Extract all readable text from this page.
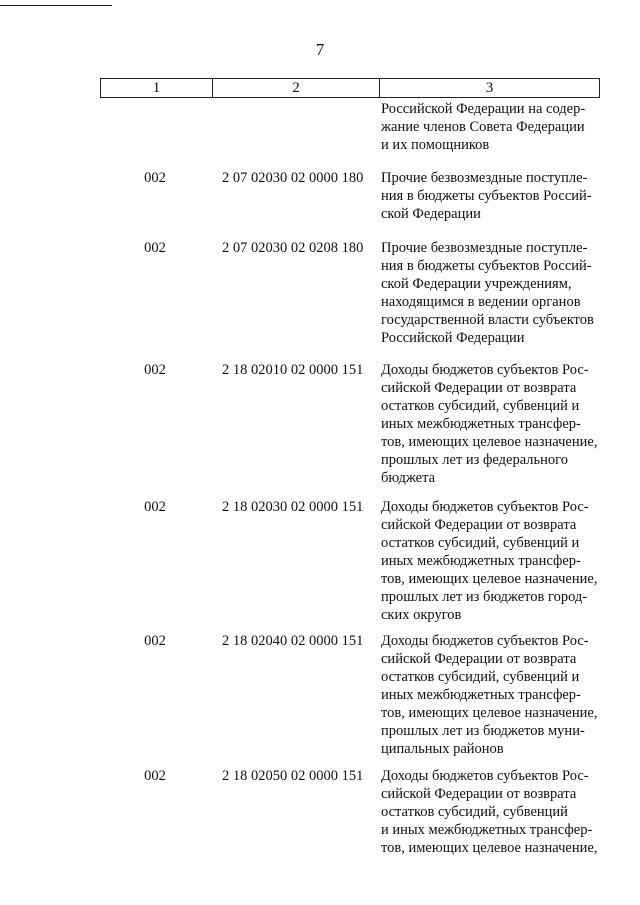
7
1	2	3
Российской Федерации на содер-
жание членов Совета Федерации
и их помощников
002	2 07 02030 02 0000 180	Прочие безвозмездные поступле-
ния в бюджеты субъектов Россий-
ской Федерации
002	2 07 02030 02 0208 180	Прочие безвозмездные поступле-
ния в бюджеты субъектов Россий-
ской Федерации учреждениям,
находящимся в ведении органов
государственной власти субъектов
Российской Федерации
002	2 18 02010 02 0000 151	Доходы бюджетов субъектов Рос-
сийской Федерации от возврата
остатков субсидий, субвенций и
иных межбюджетных трансфер-
тов, имеющих целевое назначение,
прошлых лет из федерального
бюджета
002	2 18 02030 02 0000 151	Доходы бюджетов субъектов Рос-
сийской Федерации от возврата
остатков субсидий, субвенций и
иных межбюджетных трансфер-
тов, имеющих целевое назначение,
прошлых лет из бюджетов город-
ских округов
002	2 18 02040 02 0000 151	Доходы бюджетов субъектов Рос-
сийской Федерации от возврата
остатков субсидий, субвенций и
иных межбюджетных трансфер-
тов, имеющих целевое назначение,
прошлых лет из бюджетов муни-
ципальных районов
002	2 18 02050 02 0000 151	Доходы бюджетов субъектов Рос-
сийской Федерации от возврата
остатков субсидий, субвенций
и иных межбюджетных трансфер-
тов, имеющих целевое назначение,
